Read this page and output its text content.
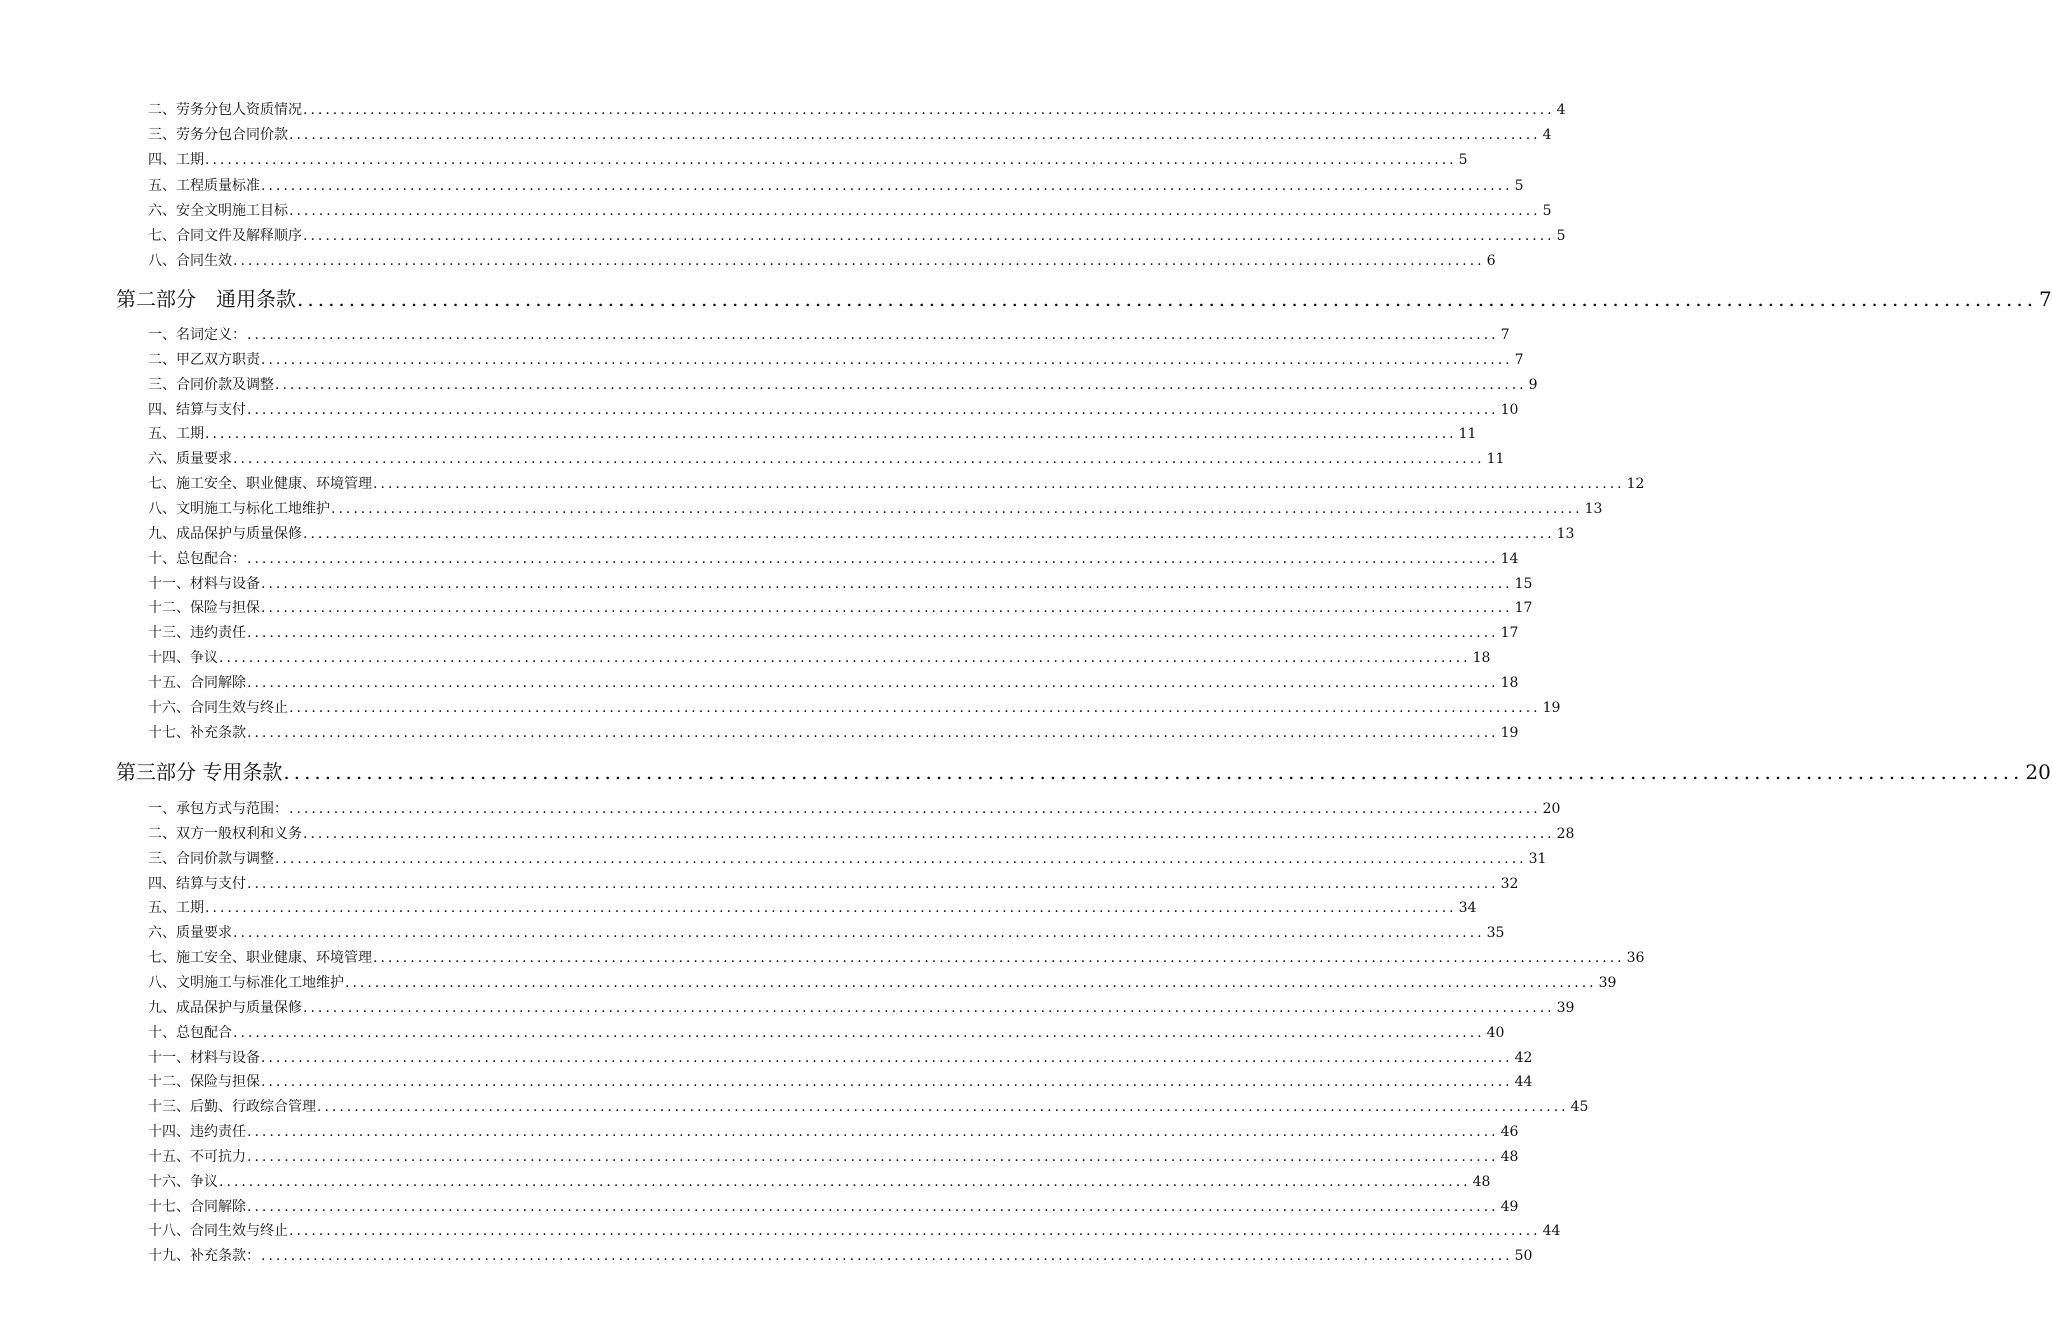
二、劳务分包人资质情况 ........................................................................................................................................................................ 4
三、劳务分包合同价款 ........................................................................................................................................................................ 4
四、工期 ........................................................................................................................................................................ 5
五、工程质量标准 ........................................................................................................................................................................ 5
六、安全文明施工目标 ........................................................................................................................................................................ 5
七、合同文件及解释顺序 ........................................................................................................................................................................ 5
八、合同生效 ........................................................................................................................................................................ 6
第二部分　通用条款 ........................................................................................................................................................................ 7
一、名词定义： ........................................................................................................................................................................ 7
二、甲乙双方职责 ........................................................................................................................................................................ 7
三、合同价款及调整 ........................................................................................................................................................................ 9
四、结算与支付 ........................................................................................................................................................................ 10
五、工期 ........................................................................................................................................................................ 11
六、质量要求 ........................................................................................................................................................................ 11
七、施工安全、职业健康、环境管理 ........................................................................................................................................................................ 12
八、文明施工与标化工地维护 ........................................................................................................................................................................ 13
九、成品保护与质量保修 ........................................................................................................................................................................ 13
十、总包配合： ........................................................................................................................................................................ 14
十一、材料与设备 ........................................................................................................................................................................ 15
十二、保险与担保 ........................................................................................................................................................................ 17
十三、违约责任 ........................................................................................................................................................................ 17
十四、争议 ........................................................................................................................................................................ 18
十五、合同解除 ........................................................................................................................................................................ 18
十六、合同生效与终止 ........................................................................................................................................................................ 19
十七、补充条款 ........................................................................................................................................................................ 19
第三部分 专用条款 ........................................................................................................................................................................ 20
一、承包方式与范围： ........................................................................................................................................................................ 20
二、双方一般权利和义务 ........................................................................................................................................................................ 28
三、合同价款与调整 ........................................................................................................................................................................ 31
四、结算与支付 ........................................................................................................................................................................ 32
五、工期 ........................................................................................................................................................................ 34
六、质量要求 ........................................................................................................................................................................ 35
七、施工安全、职业健康、环境管理 ........................................................................................................................................................................ 36
八、文明施工与标准化工地维护 ........................................................................................................................................................................ 39
九、成品保护与质量保修 ........................................................................................................................................................................ 39
十、总包配合 ........................................................................................................................................................................ 40
十一、材料与设备 ........................................................................................................................................................................ 42
十二、保险与担保 ........................................................................................................................................................................ 44
十三、后勤、行政综合管理 ........................................................................................................................................................................ 45
十四、违约责任 ........................................................................................................................................................................ 46
十五、不可抗力 ........................................................................................................................................................................ 48
十六、争议 ........................................................................................................................................................................ 48
十七、合同解除 ........................................................................................................................................................................ 49
十八、合同生效与终止 ........................................................................................................................................................................ 44
十九、补充条款： ........................................................................................................................................................................ 50
